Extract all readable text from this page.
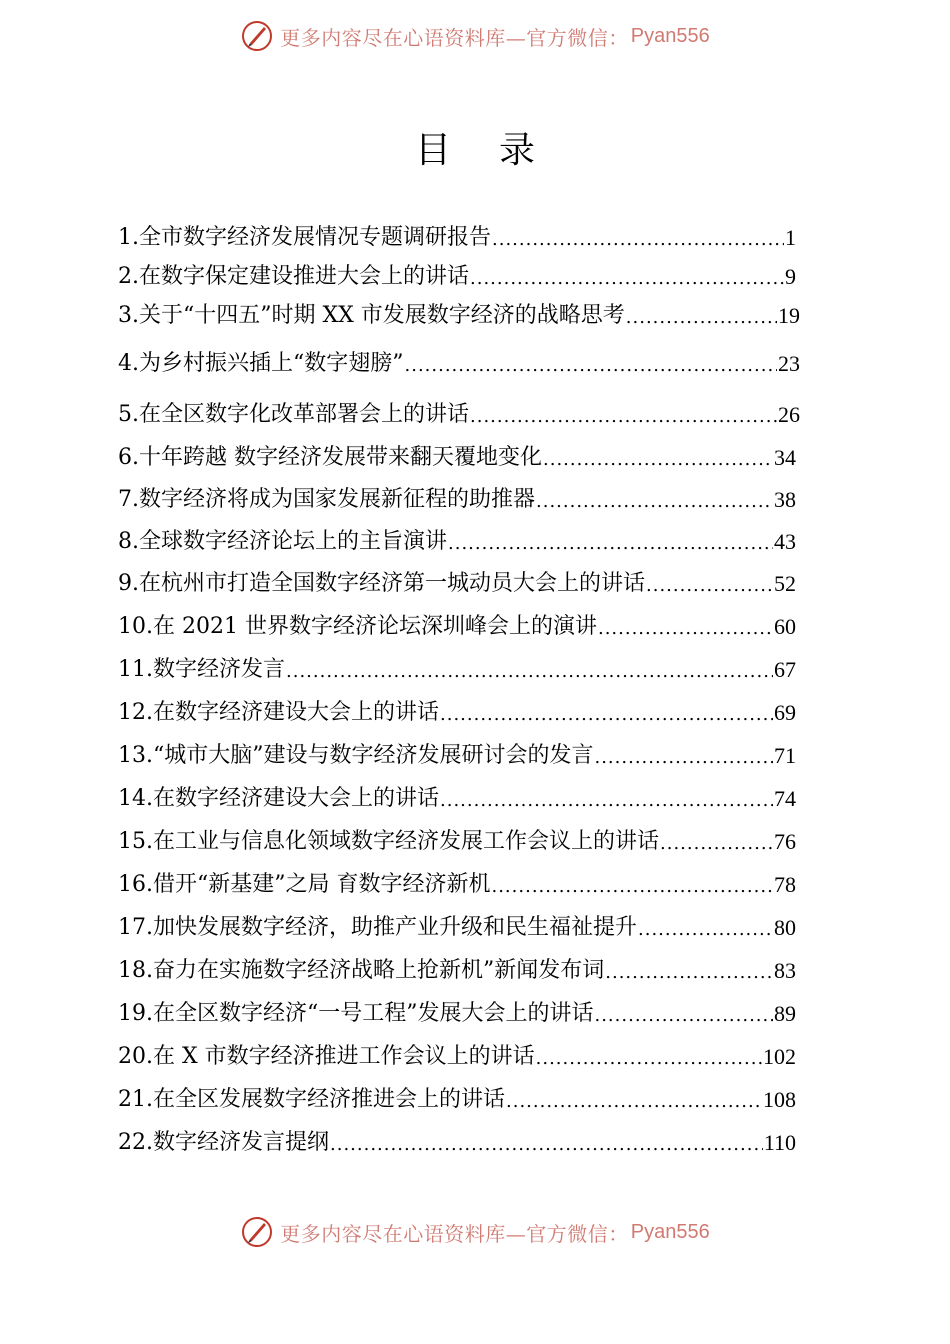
更多内容尽在心语资料库—官方微信： Pyan556
目录
1.全市数字经济发展情况专题调研报告 .....	1
2.在数字保定建设推进大会上的讲话 .....	9
3.关于“十四五”时期 XX 市发展数字经济的战略思考 .....	19
4.为乡村振兴插上“数字翅膀” .....	23
5.在全区数字化改革部署会上的讲话 .....	26
6.十年跨越 数字经济发展带来翻天覆地变化 .....	34
7.数字经济将成为国家发展新征程的助推器 .....	38
8.全球数字经济论坛上的主旨演讲 .....	43
9.在杭州市打造全国数字经济第一城动员大会上的讲话 .....	52
10.在 2021 世界数字经济论坛深圳峰会上的演讲 .....	60
11.数字经济发言 .....	67
12.在数字经济建设大会上的讲话 .....	69
13.“城市大脑”建设与数字经济发展研讨会的发言 .....	71
14.在数字经济建设大会上的讲话 .....	74
15.在工业与信息化领域数字经济发展工作会议上的讲话 .....	76
16.借开“新基建”之局 育数字经济新机 .....	78
17.加快发展数字经济，助推产业升级和民生福祉提升 .....	80
18.奋力在实施数字经济战略上抢新机”新闻发布词 .....	83
19.在全区数字经济“一号工程”发展大会上的讲话 .....	89
20.在 X 市数字经济推进工作会议上的讲话 .....	102
21.在全区发展数字经济推进会上的讲话 .....	108
22.数字经济发言提纲 .....	110
更多内容尽在心语资料库—官方微信： Pyan556
